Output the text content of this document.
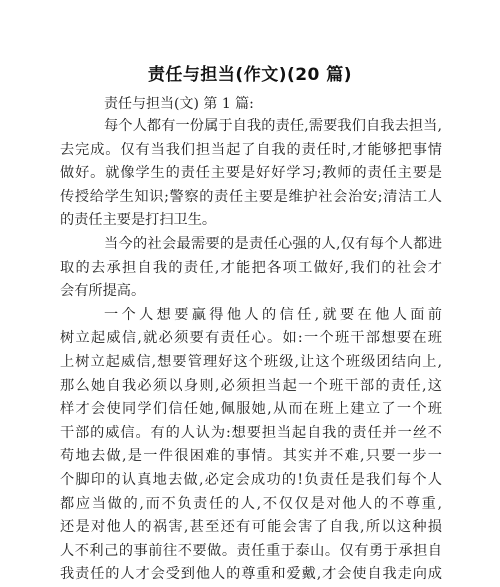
责任与担当(作文)(20 篇)
责任与担当(文) 第 1 篇:
每个人都有一份属于自我的责任,需要我们自我去担当,
去完成。仅有当我们担当起了自我的责任时,才能够把事情
做好。就像学生的责任主要是好好学习;教师的责任主要是
传授给学生知识;警察的责任主要是维护社会治安;清洁工人
的责任主要是打扫卫生。
当今的社会最需要的是责任心强的人,仅有每个人都进
取的去承担自我的责任,才能把各项工做好,我们的社会才
会有所提高。
一个人想要赢得他人的信任,就要在他人面前
树立起威信,就必须要有责任心。如:一个班干部想要在班
上树立起威信,想要管理好这个班级,让这个班级团结向上,
那么她自我必须以身则,必须担当起一个班干部的责任,这
样才会使同学们信任她,佩服她,从而在班上建立了一个班
干部的威信。有的人认为:想要担当起自我的责任并一丝不
苟地去做,是一件很困难的事情。其实并不难,只要一步一
个脚印的认真地去做,必定会成功的!负责任是我们每个人
都应当做的,而不负责任的人,不仅仅是对他人的不尊重,
还是对他人的祸害,甚至还有可能会害了自我,所以这种损
人不利己的事前往不要做。责任重于泰山。仅有勇于承担自
我责任的人才会受到他人的尊重和爱戴,才会使自我走向成
